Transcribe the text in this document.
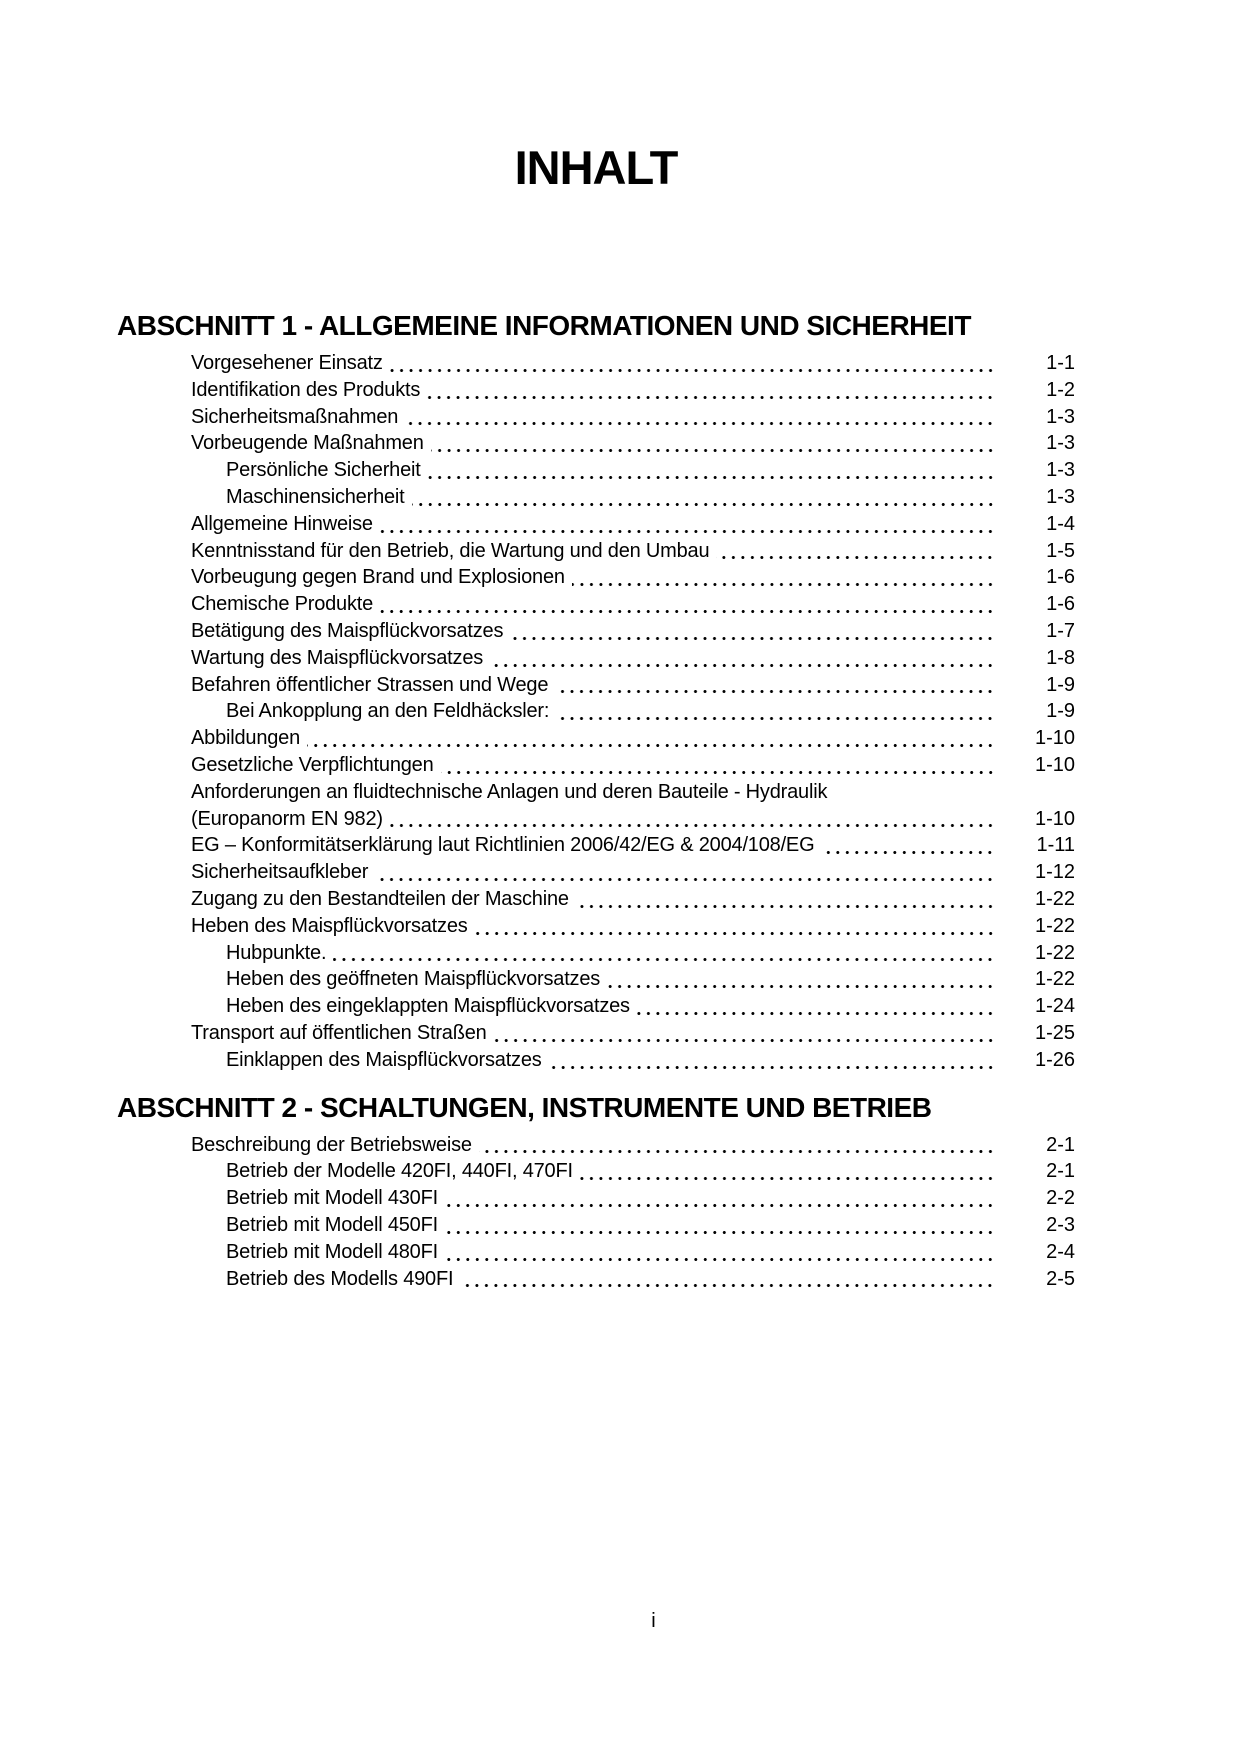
INHALT
ABSCHNITT 1 - ALLGEMEINE INFORMATIONEN UND SICHERHEIT
Vorgesehener Einsatz	1-1
Identifikation des Produkts	1-2
Sicherheitsmaßnahmen	1-3
Vorbeugende Maßnahmen	1-3
Persönliche Sicherheit	1-3
Maschinensicherheit	1-3
Allgemeine Hinweise	1-4
Kenntnisstand für den Betrieb, die Wartung und den Umbau	1-5
Vorbeugung gegen Brand und Explosionen	1-6
Chemische Produkte	1-6
Betätigung des Maispflückvorsatzes	1-7
Wartung des Maispflückvorsatzes	1-8
Befahren öffentlicher Strassen und Wege	1-9
Bei Ankopplung an den Feldhäcksler:	1-9
Abbildungen	1-10
Gesetzliche Verpflichtungen	1-10
Anforderungen an fluidtechnische Anlagen und deren Bauteile - Hydraulik
(Europanorm EN 982)	1-10
EG – Konformitätserklärung laut Richtlinien 2006/42/EG & 2004/108/EG	1-11
Sicherheitsaufkleber	1-12
Zugang zu den Bestandteilen der Maschine	1-22
Heben des Maispflückvorsatzes	1-22
Hubpunkte.	1-22
Heben des geöffneten Maispflückvorsatzes	1-22
Heben des eingeklappten Maispflückvorsatzes	1-24
Transport auf öffentlichen Straßen	1-25
Einklappen des Maispflückvorsatzes	1-26
ABSCHNITT 2 - SCHALTUNGEN, INSTRUMENTE UND BETRIEB
Beschreibung der Betriebsweise	2-1
Betrieb der Modelle 420FI, 440FI, 470FI	2-1
Betrieb mit Modell 430FI	2-2
Betrieb mit Modell 450FI	2-3
Betrieb mit Modell 480FI	2-4
Betrieb des Modells 490FI	2-5
i
